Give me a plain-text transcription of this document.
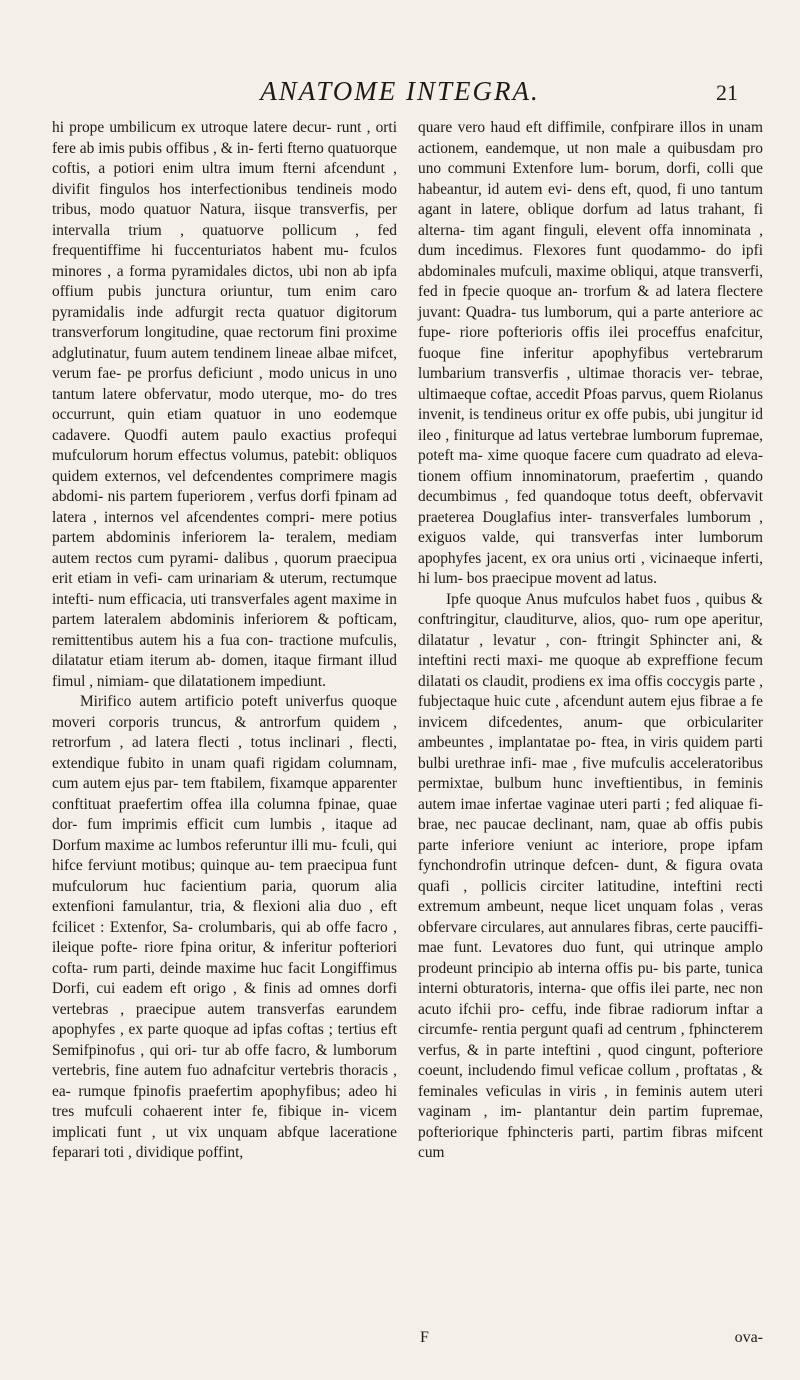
ANATOME INTEGRA.	21

hi prope umbilicum ex utroque latere decur- runt , orti fere ab imis pubis offibus , & in- ferti fterno quatuorque coftis, a potiori enim ultra imum fterni afcendunt , divifit fingulos hos interfectionibus tendineis modo tribus, modo quatuor Natura, iisque transverfis, per intervalla trium , quatuorve pollicum , fed frequentiffime hi fuccenturiatos habent mu- fculos minores , a forma pyramidales dictos, ubi non ab ipfa offium pubis junctura oriuntur, tum enim caro pyramidalis inde adfurgit recta quatuor digitorum transverforum longitudine, quae rectorum fini proxime adglutinatur, fuum autem tendinem lineae albae mifcet, verum fae- pe prorfus deficiunt , modo unicus in uno tantum latere obfervatur, modo uterque, mo- do tres occurrunt, quin etiam quatuor in uno eodemque cadavere. Quodfi autem paulo exactius profequi mufculorum horum effectus volumus, patebit: obliquos quidem externos, vel defcendentes comprimere magis abdomi- nis partem fuperiorem , verfus dorfi fpinam ad latera , internos vel afcendentes compri- mere potius partem abdominis inferiorem la- teralem, mediam autem rectos cum pyrami- dalibus , quorum praecipua erit etiam in vefi- cam urinariam & uterum, rectumque intefti- num efficacia, uti transverfales agent maxime in partem lateralem abdominis inferiorem & pofticam, remittentibus autem his a fua con- tractione mufculis, dilatatur etiam iterum ab- domen, itaque firmant illud fimul , nimiam- que dilatationem impediunt.

Mirifico autem artificio poteft univerfus quoque moveri corporis truncus, & antrorfum quidem , retrorfum , ad latera flecti , totus inclinari , flecti, extendique fubito in unam quafi rigidam columnam, cum autem ejus par- tem ftabilem, fixamque apparenter conftituat praefertim offea illa columna fpinae, quae dor- fum imprimis efficit cum lumbis , itaque ad Dorfum maxime ac lumbos referuntur illi mu- fculi, qui hifce ferviunt motibus; quinque au- tem praecipua funt mufculorum huc facientium paria, quorum alia extenfioni famulantur, tria, & flexioni alia duo , eft fcilicet : Extenfor, Sa- crolumbaris, qui ab offe facro , ileique pofte- riore fpina oritur, & inferitur pofteriori cofta- rum parti, deinde maxime huc facit Longiffimus Dorfi, cui eadem eft origo , & finis ad omnes dorfi vertebras , praecipue autem transverfas earundem apophyfes , ex parte quoque ad ipfas coftas ; tertius eft Semifpinofus , qui ori- tur ab offe facro, & lumborum vertebris, fine autem fuo adnafcitur vertebris thoracis , ea- rumque fpinofis praefertim apophyfibus; adeo hi tres mufculi cohaerent inter fe, fibique in- vicem implicati funt , ut vix unquam abfque laceratione feparari toti , dividique poffint,

quare vero haud eft diffimile, confpirare illos in unam actionem, eandemque, ut non male a quibusdam pro uno communi Extenfore lum- borum, dorfi, colli que habeantur, id autem evi- dens eft, quod, fi uno tantum agant in latere, oblique dorfum ad latus trahant, fi alterna- tim agant finguli, elevent offa innominata , dum incedimus. Flexores funt quodammo- do ipfi abdominales mufculi, maxime obliqui, atque transverfi, fed in fpecie quoque an- trorfum & ad latera flectere juvant: Quadra- tus lumborum, qui a parte anteriore ac fupe- riore pofterioris offis ilei proceffus enafcitur, fuoque fine inferitur apophyfibus vertebrarum lumbarium transverfis , ultimae thoracis ver- tebrae, ultimaeque coftae, accedit Pfoas parvus, quem Riolanus invenit, is tendineus oritur ex offe pubis, ubi jungitur id ileo , finiturque ad latus vertebrae lumborum fupremae, poteft ma- xime quoque facere cum quadrato ad eleva- tionem offium innominatorum, praefertim , quando decumbimus , fed quandoque totus deeft, obfervavit praeterea Douglafius inter- transverfales lumborum , exiguos valde, qui transverfas inter lumborum apophyfes jacent, ex ora unius orti , vicinaeque inferti, hi lum- bos praecipue movent ad latus.

Ipfe quoque Anus mufculos habet fuos , quibus & conftringitur, clauditurve, alios, quo- rum ope aperitur, dilatatur , levatur , con- ftringit Sphincter ani, & inteftini recti maxi- me quoque ab expreffione fecum dilatati os claudit, prodiens ex ima offis coccygis parte , fubjectaque huic cute , afcendunt autem ejus fibrae a fe invicem difcedentes, anum- que orbiculariter ambeuntes , implantatae po- ftea, in viris quidem parti bulbi urethrae infi- mae , five mufculis acceleratoribus permixtae, bulbum hunc inveftientibus, in feminis autem imae infertae vaginae uteri parti ; fed aliquae fi- brae, nec paucae declinant, nam, quae ab offis pubis parte inferiore veniunt ac interiore, prope ipfam fynchondrofin utrinque defcen- dunt, & figura ovata quafi , pollicis circiter latitudine, inteftini recti extremum ambeunt, neque licet unquam folas , veras obfervare circulares, aut annulares fibras, certe pauciffi- mae funt. Levatores duo funt, qui utrinque amplo prodeunt principio ab interna offis pu- bis parte, tunica interni obturatoris, interna- que offis ilei parte, nec non acuto ifchii pro- ceffu, inde fibrae radiorum inftar a circumfe- rentia pergunt quafi ad centrum , fphincterem verfus, & in parte inteftini , quod cingunt, pofteriore coeunt, includendo fimul veficae collum , proftatas , & feminales veficulas in viris , in feminis autem uteri vaginam , im- plantantur dein partim fupremae, pofteriorique fphincteris parti, partim fibras mifcent cum

F	ova-
